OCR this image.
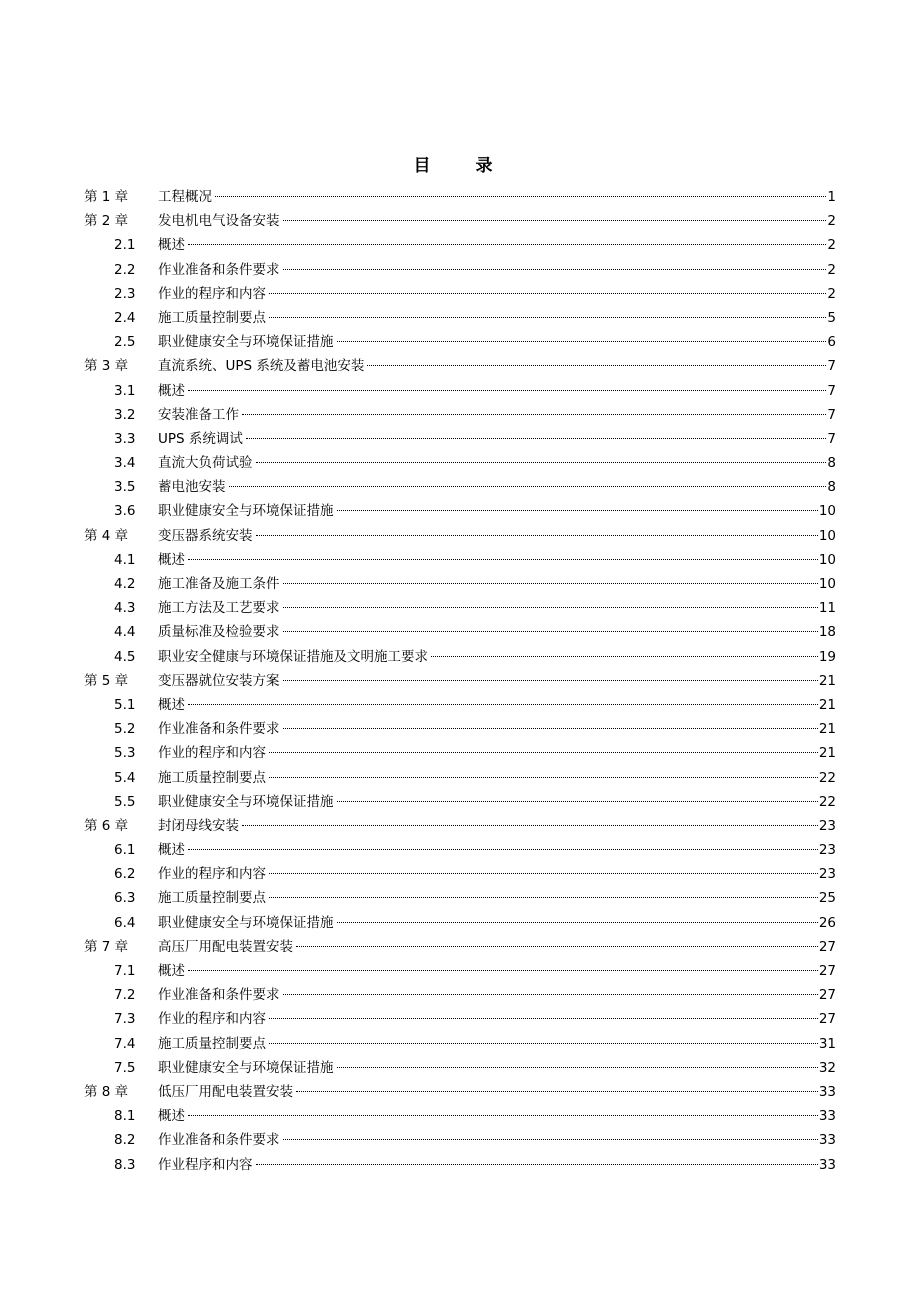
目　录
第 1 章 工程概况	1
第 2 章 发电机电气设备安装	2
2.1 概述	2
2.2 作业准备和条件要求	2
2.3 作业的程序和内容	2
2.4 施工质量控制要点	5
2.5 职业健康安全与环境保证措施	6
第 3 章 直流系统、UPS 系统及蓄电池安装	7
3.1 概述	7
3.2 安装准备工作	7
3.3 UPS 系统调试	7
3.4 直流大负荷试验	8
3.5 蓄电池安装	8
3.6 职业健康安全与环境保证措施	10
第 4 章 变压器系统安装	10
4.1 概述	10
4.2 施工准备及施工条件	10
4.3 施工方法及工艺要求	11
4.4 质量标准及检验要求	18
4.5 职业安全健康与环境保证措施及文明施工要求	19
第 5 章 变压器就位安装方案	21
5.1 概述	21
5.2 作业准备和条件要求	21
5.3 作业的程序和内容	21
5.4 施工质量控制要点	22
5.5 职业健康安全与环境保证措施	22
第 6 章 封闭母线安装	23
6.1 概述	23
6.2 作业的程序和内容	23
6.3 施工质量控制要点	25
6.4 职业健康安全与环境保证措施	26
第 7 章 高压厂用配电装置安装	27
7.1 概述	27
7.2 作业准备和条件要求	27
7.3 作业的程序和内容	27
7.4 施工质量控制要点	31
7.5 职业健康安全与环境保证措施	32
第 8 章 低压厂用配电装置安装	33
8.1 概述	33
8.2 作业准备和条件要求	33
8.3 作业程序和内容	33
